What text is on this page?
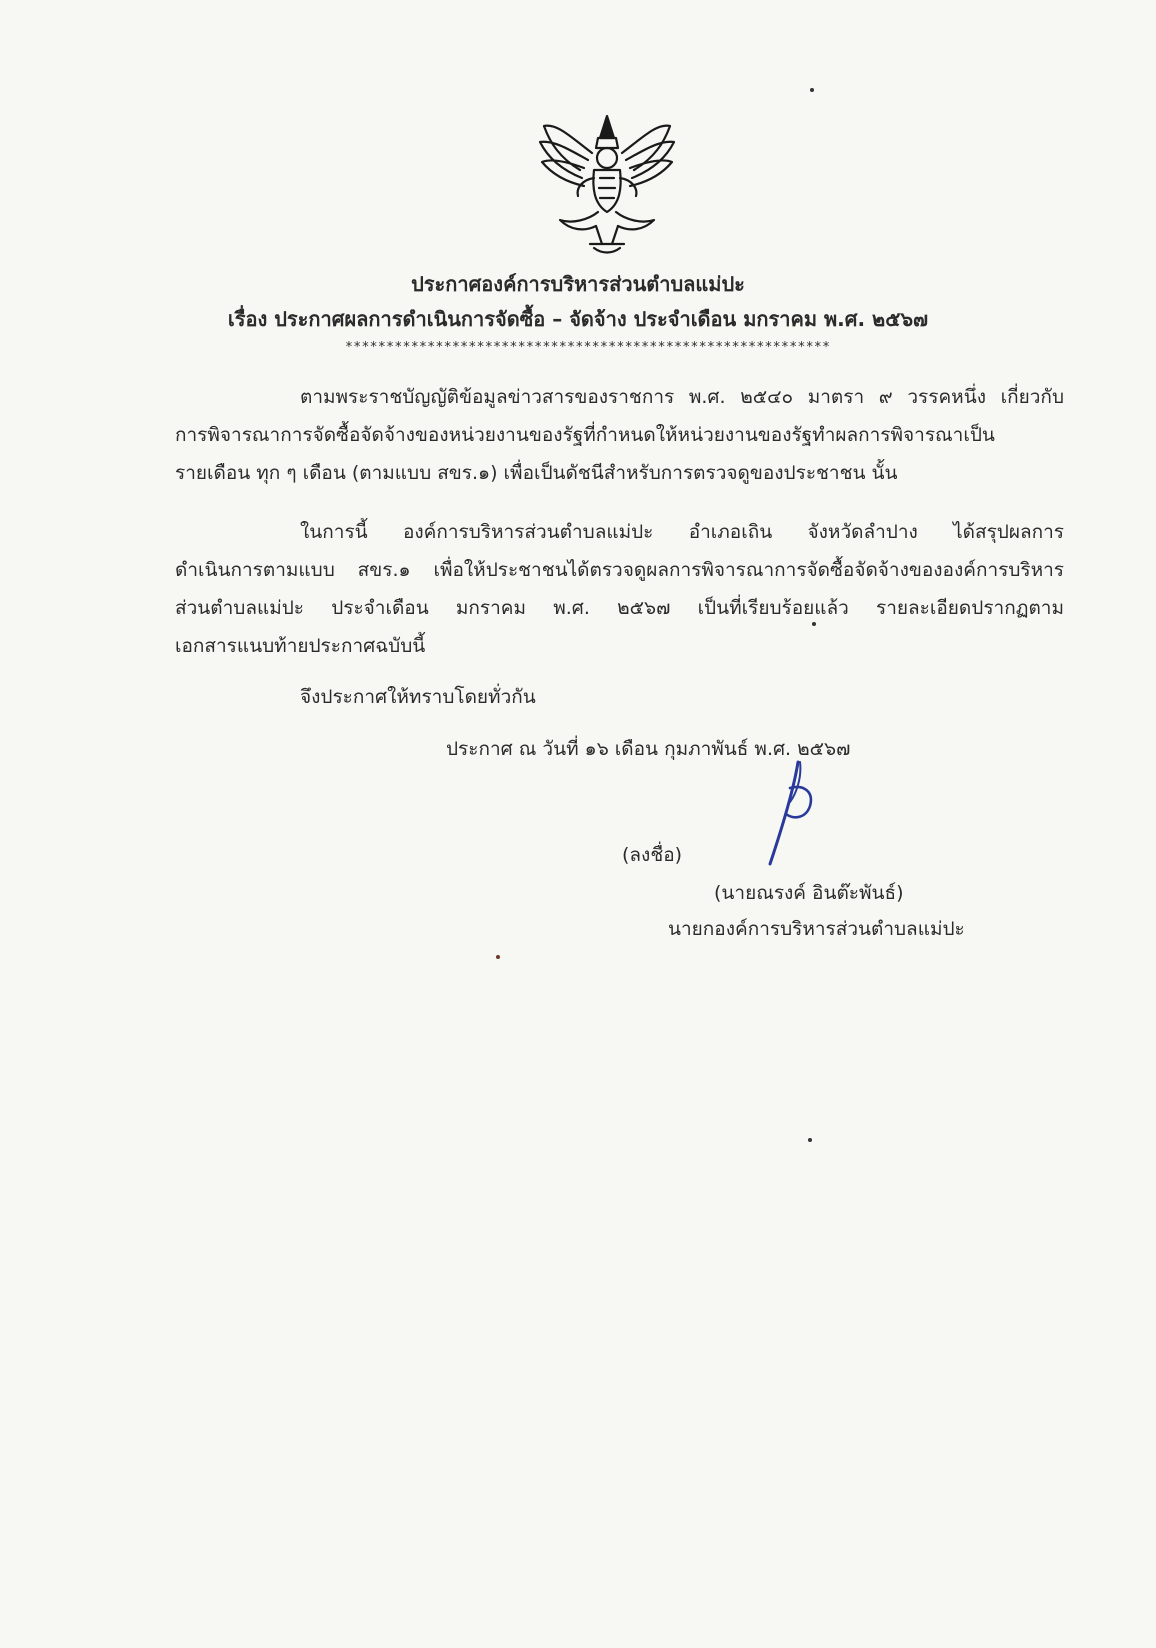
ประกาศองค์การบริหารส่วนตำบลแม่ปะ
เรื่อง ประกาศผลการดำเนินการจัดซื้อ – จัดจ้าง ประจำเดือน มกราคม พ.ศ. ๒๕๖๗
***********************************************************
ตามพระราชบัญญัติข้อมูลข่าวสารของราชการ พ.ศ. ๒๕๔๐ มาตรา ๙ วรรคหนึ่ง เกี่ยวกับ
การพิจารณาการจัดซื้อจัดจ้างของหน่วยงานของรัฐที่กำหนดให้หน่วยงานของรัฐทำผลการพิจารณาเป็น
รายเดือน ทุก ๆ เดือน (ตามแบบ สขร.๑) เพื่อเป็นดัชนีสำหรับการตรวจดูของประชาชน นั้น
ในการนี้ องค์การบริหารส่วนตำบลแม่ปะ อำเภอเถิน จังหวัดลำปาง ได้สรุปผลการ
ดำเนินการตามแบบ สขร.๑ เพื่อให้ประชาชนได้ตรวจดูผลการพิจารณาการจัดซื้อจัดจ้างขององค์การบริหาร
ส่วนตำบลแม่ปะ ประจำเดือน มกราคม พ.ศ. ๒๕๖๗ เป็นที่เรียบร้อยแล้ว รายละเอียดปรากฏตาม
เอกสารแนบท้ายประกาศฉบับนี้
จึงประกาศให้ทราบโดยทั่วกัน
ประกาศ ณ วันที่ ๑๖ เดือน กุมภาพันธ์ พ.ศ. ๒๕๖๗
(ลงชื่อ)
(นายณรงค์ อินต๊ะพันธ์)
นายกองค์การบริหารส่วนตำบลแม่ปะ
